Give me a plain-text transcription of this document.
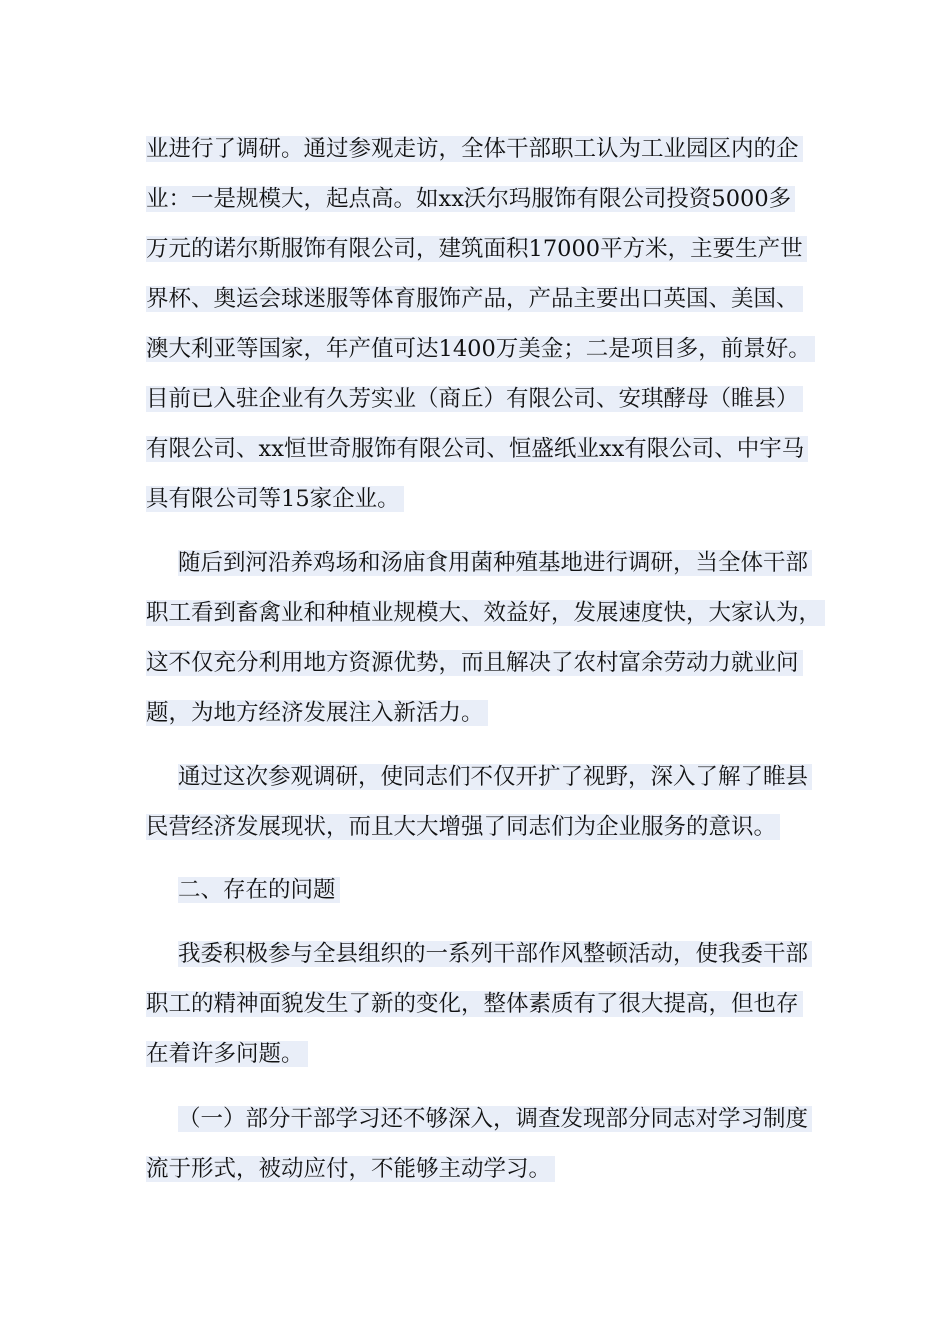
业进行了调研。通过参观走访，全体干部职工认为工业园区内的企
业：一是规模大，起点高。如xx沃尔玛服饰有限公司投资5000多
万元的诺尔斯服饰有限公司，建筑面积17000平方米，主要生产世
界杯、奥运会球迷服等体育服饰产品，产品主要出口英国、美国、
澳大利亚等国家，年产值可达1400万美金；二是项目多，前景好。
目前已入驻企业有久芳实业（商丘）有限公司、安琪酵母（睢县）
有限公司、xx恒世奇服饰有限公司、恒盛纸业xx有限公司、中宇马
具有限公司等15家企业。
随后到河沿养鸡场和汤庙食用菌种殖基地进行调研，当全体干部
职工看到畜禽业和种植业规模大、效益好，发展速度快，大家认为，
这不仅充分利用地方资源优势，而且解决了农村富余劳动力就业问
题，为地方经济发展注入新活力。
通过这次参观调研，使同志们不仅开扩了视野，深入了解了睢县
民营经济发展现状，而且大大增强了同志们为企业服务的意识。
二、存在的问题
我委积极参与全县组织的一系列干部作风整顿活动，使我委干部
职工的精神面貌发生了新的变化，整体素质有了很大提高，但也存
在着许多问题。
（一）部分干部学习还不够深入，调查发现部分同志对学习制度
流于形式，被动应付，不能够主动学习。
